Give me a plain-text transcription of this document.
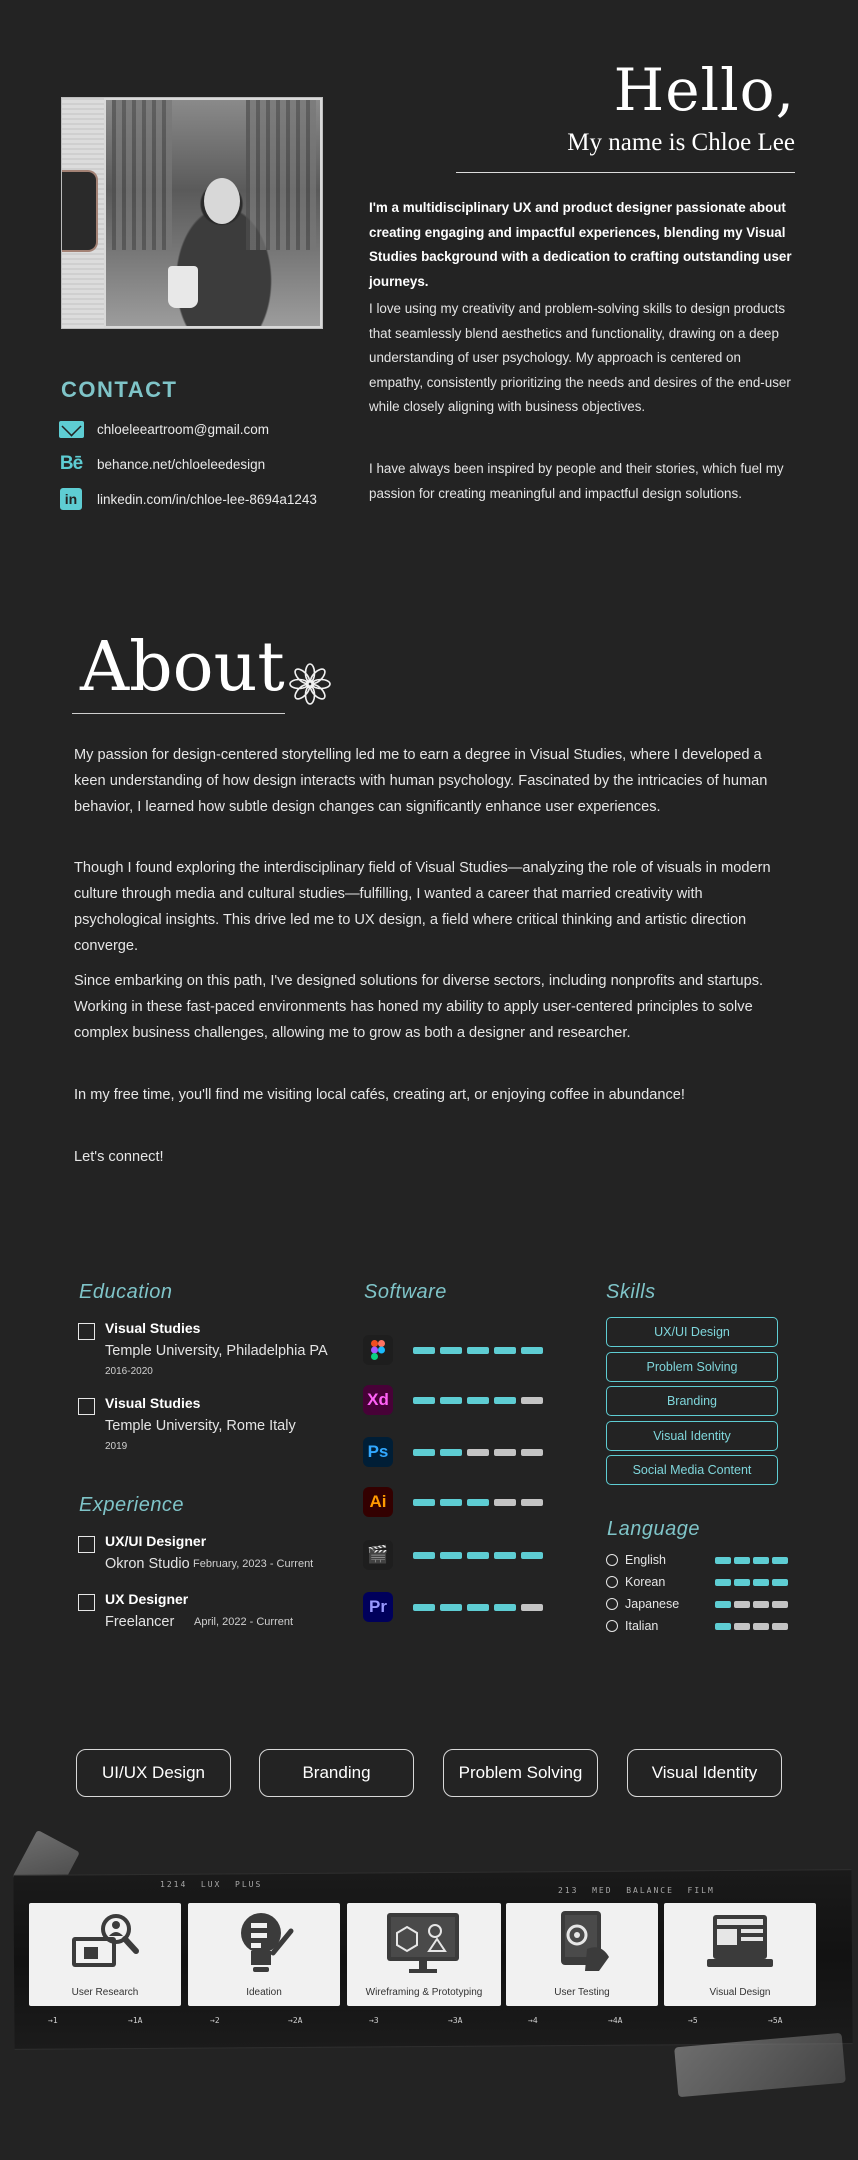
Hello,
My name is Chloe Lee
I'm a multidisciplinary UX and product designer passionate about creating engaging and impactful experiences, blending my Visual Studies background with a dedication to crafting outstanding user journeys.
I love using my creativity and problem-solving skills to design products that seamlessly blend aesthetics and functionality, drawing on a deep understanding of user psychology. My approach is centered on empathy, consistently prioritizing the needs and desires of the end-user while closely aligning with business objectives.
I have always been inspired by people and their stories, which fuel my passion for creating meaningful and impactful design solutions.
CONTACT
chloeleeartroom@gmail.com
Bē behance.net/chloeleedesign
in	linkedin.com/in/chloe-lee-8694a1243
About
My passion for design-centered storytelling led me to earn a degree in Visual Studies, where I developed a keen understanding of how design interacts with human psychology. Fascinated by the intricacies of human behavior, I learned how subtle design changes can significantly enhance user experiences.
Though I found exploring the interdisciplinary field of Visual Studies—analyzing the role of visuals in modern culture through media and cultural studies—fulfilling, I wanted a career that married creativity with psychological insights. This drive led me to UX design, a field where critical thinking and artistic direction converge.
Since embarking on this path, I've designed solutions for diverse sectors, including nonprofits and startups. Working in these fast-paced environments has honed my ability to apply user-centered principles to solve complex business challenges, allowing me to grow as both a designer and researcher.
In my free time, you'll find me visiting local cafés, creating art, or enjoying coffee in abundance!
Let's connect!
Education
Visual Studies
Temple University, Philadelphia PA
2016-2020
Visual Studies
Temple University, Rome Italy
2019
Experience
UX/UI Designer
Okron Studio February, 2023 - Current
UX Designer
Freelancer April, 2022 - Current
Software
Xd
Ps
Ai
🎬
Pr
Skills
UX/UI Design
Problem Solving
Branding
Visual Identity
Social Media Content
Language
English
Korean
Japanese
Italian
UI/UX Design	Branding	Problem Solving	Visual Identity
1214 LUX PLUS
213 MED BALANCE FILM
User Research	Ideation	Wireframing & Prototyping	User Testing	Visual Design
→1	→1A	→2	→2A	→3	→3A	→4	→4A	→5	→5A
